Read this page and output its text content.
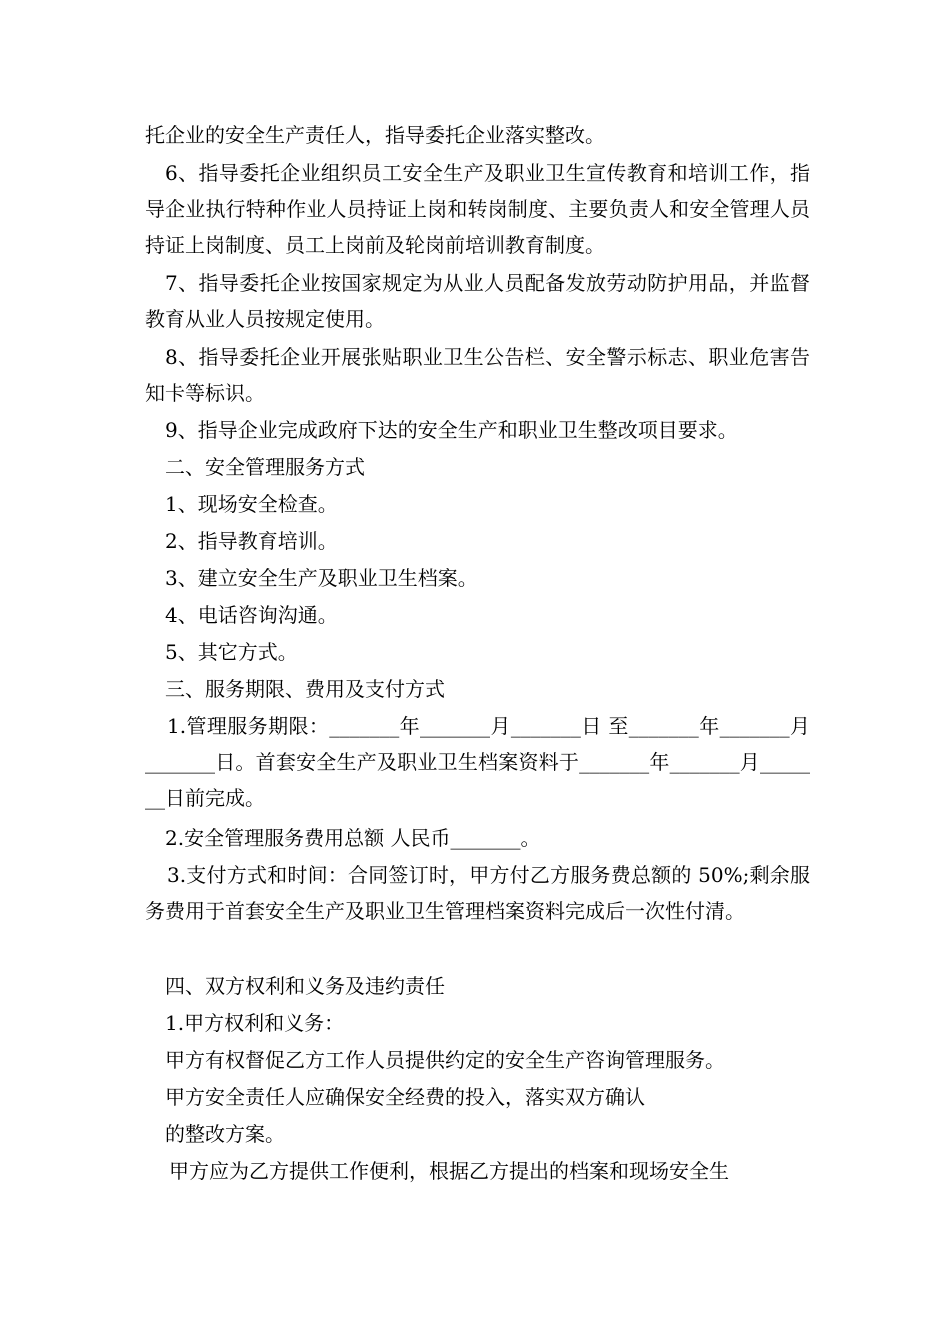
托企业的安全生产责任人，指导委托企业落实整改。

6、指导委托企业组织员工安全生产及职业卫生宣传教育和培训工作，指导企业执行特种作业人员持证上岗和转岗制度、主要负责人和安全管理人员持证上岗制度、员工上岗前及轮岗前培训教育制度。

7、指导委托企业按国家规定为从业人员配备发放劳动防护用品，并监督教育从业人员按规定使用。

8、指导委托企业开展张贴职业卫生公告栏、安全警示标志、职业危害告知卡等标识。

9、指导企业完成政府下达的安全生产和职业卫生整改项目要求。

二、安全管理服务方式

1、现场安全检查。

2、指导教育培训。

3、建立安全生产及职业卫生档案。

4、电话咨询沟通。

5、其它方式。

三、服务期限、费用及支付方式

1.管理服务期限：_______年_______月_______日 至_______年_______月_______日。首套安全生产及职业卫生档案资料于_______年_______月_______日前完成。

2.安全管理服务费用总额 人民币_______。

3.支付方式和时间：合同签订时，甲方付乙方服务费总额的 50%;剩余服务费用于首套安全生产及职业卫生管理档案资料完成后一次性付清。

四、双方权利和义务及违约责任

1.甲方权利和义务：

甲方有权督促乙方工作人员提供约定的安全生产咨询管理服务。

甲方安全责任人应确保安全经费的投入，落实双方确认

的整改方案。

甲方应为乙方提供工作便利，根据乙方提出的档案和现场安全生
